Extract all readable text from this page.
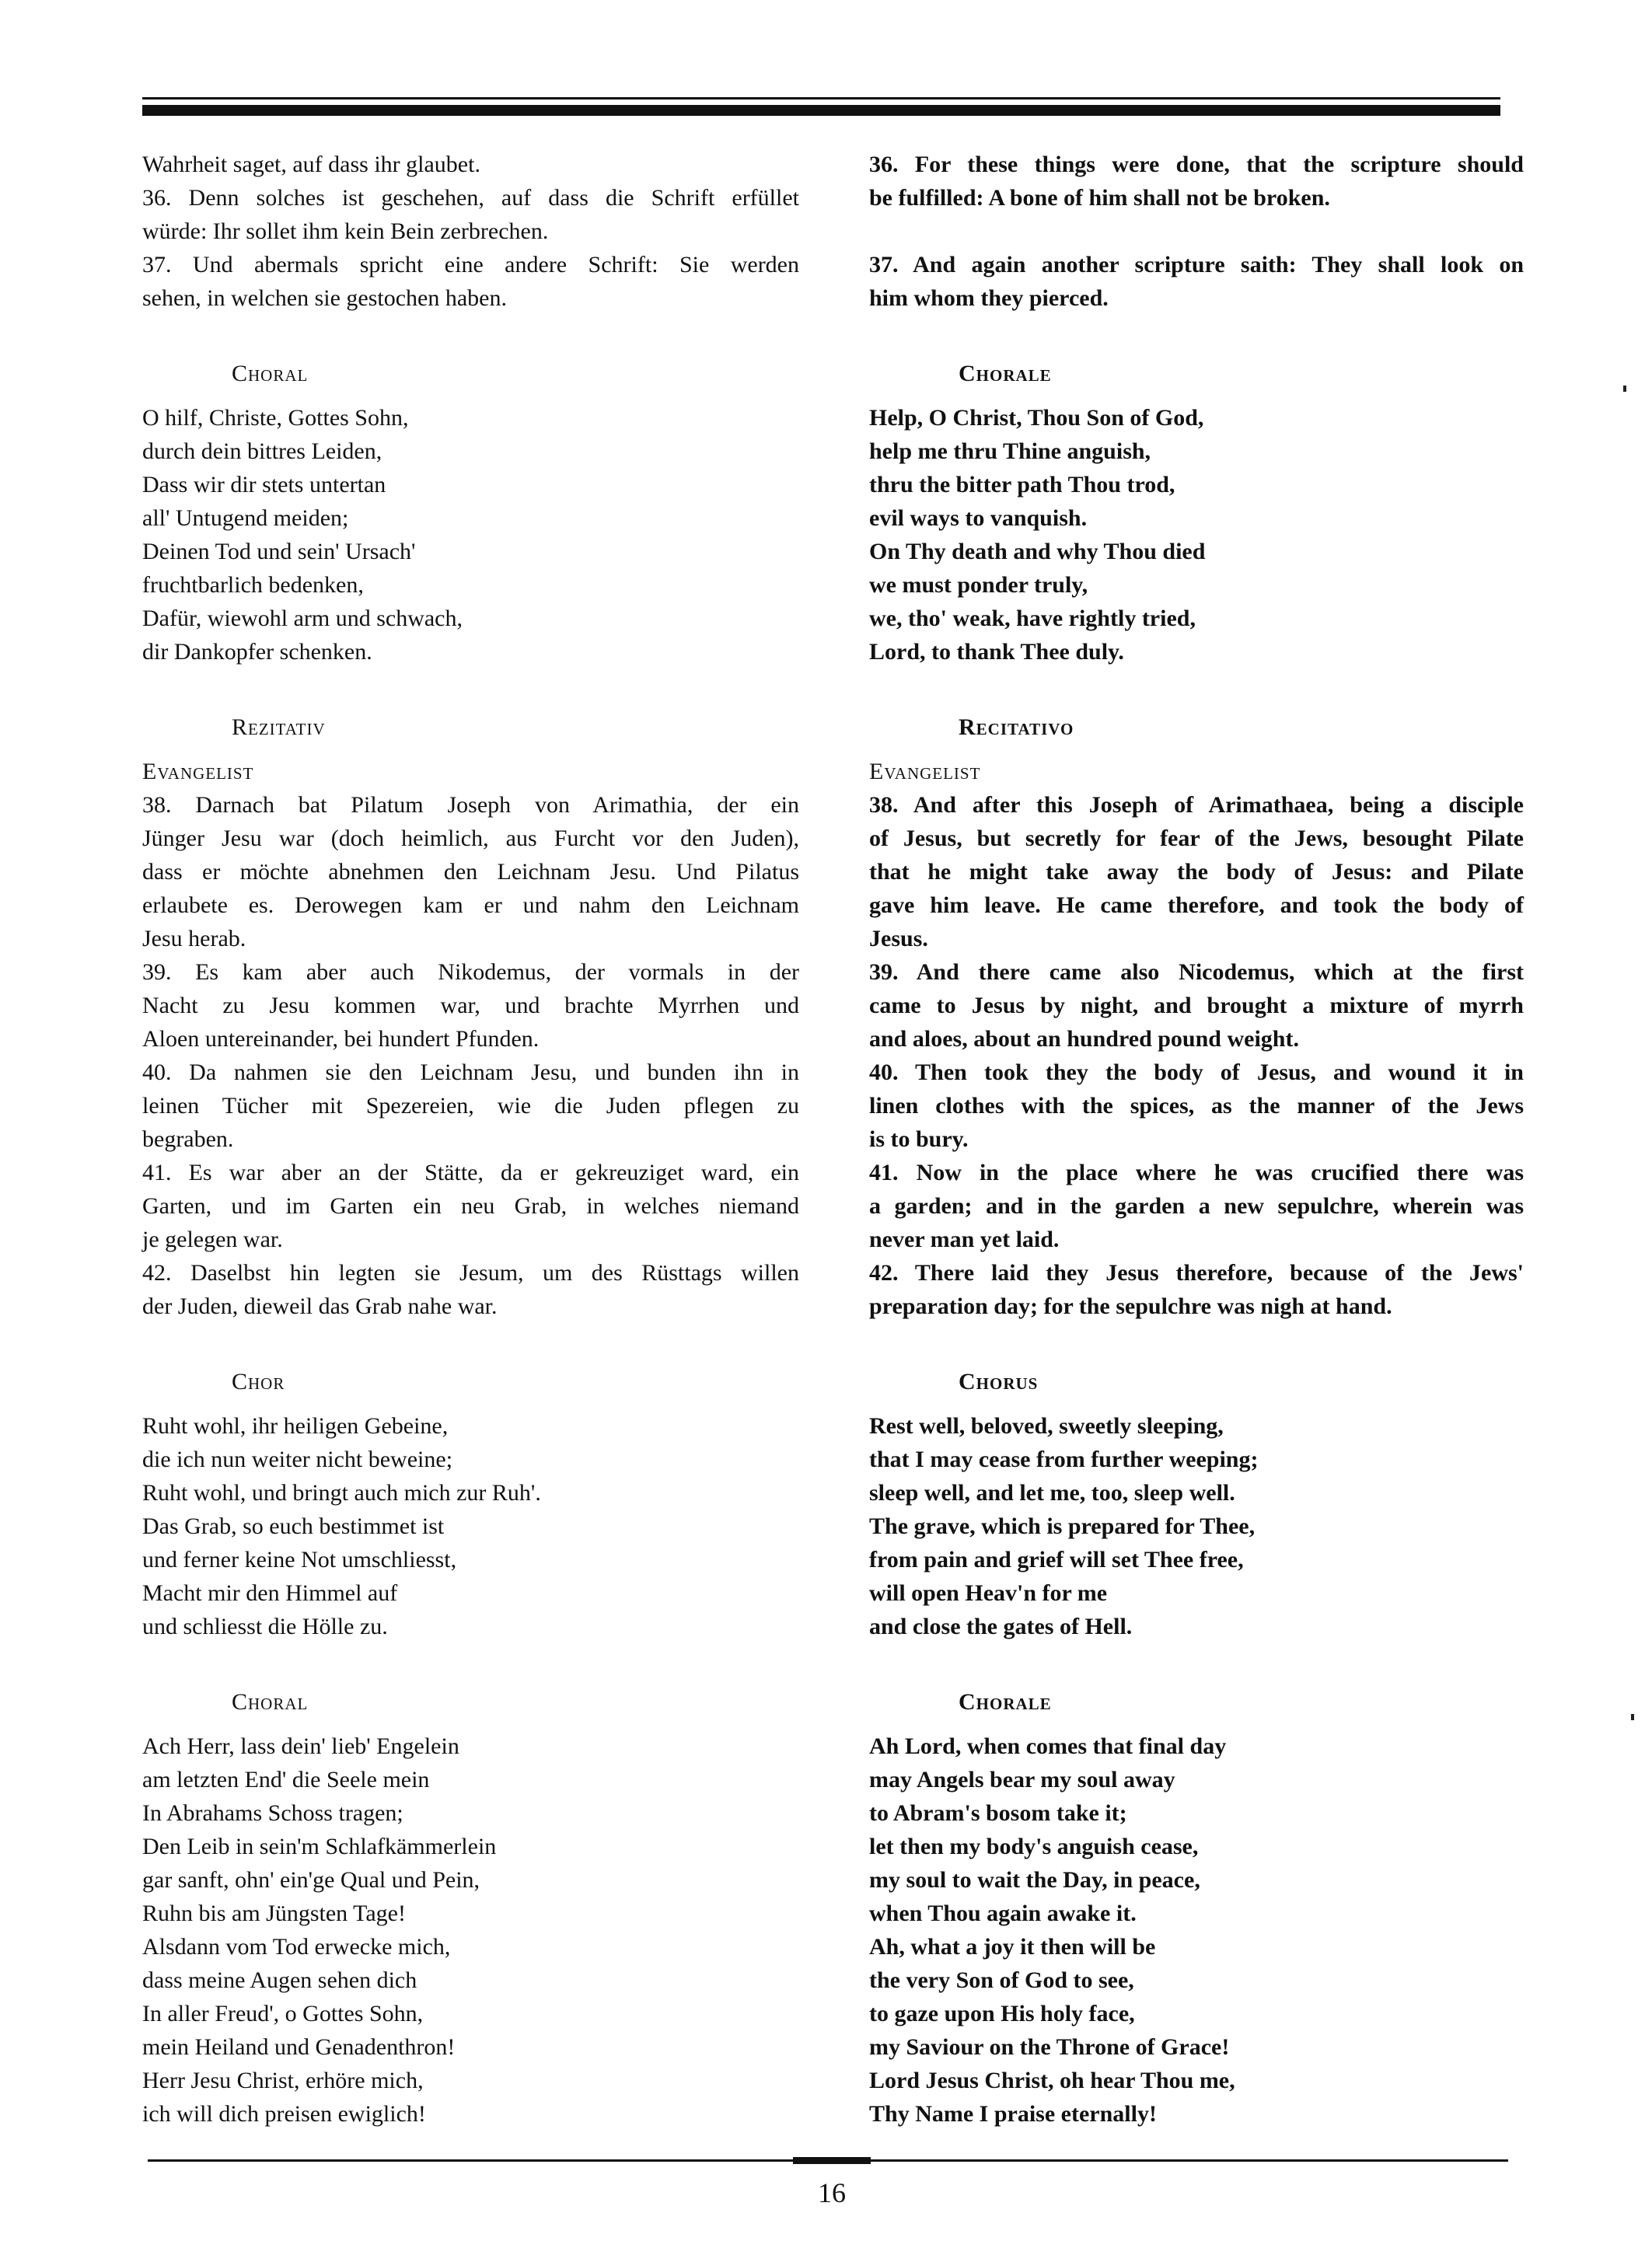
Wahrheit saget, auf dass ihr glaubet.
36. Denn solches ist geschehen, auf dass die Schrift erfüllet
würde: Ihr sollet ihm kein Bein zerbrechen.
37. Und abermals spricht eine andere Schrift: Sie werden
sehen, in welchen sie gestochen haben.
Choral
O hilf, Christe, Gottes Sohn,
durch dein bittres Leiden,
Dass wir dir stets untertan
all' Untugend meiden;
Deinen Tod und sein' Ursach'
fruchtbarlich bedenken,
Dafür, wiewohl arm und schwach,
dir Dankopfer schenken.
Rezitativ
Evangelist
38. Darnach bat Pilatum Joseph von Arimathia, der ein
Jünger Jesu war (doch heimlich, aus Furcht vor den Juden),
dass er möchte abnehmen den Leichnam Jesu. Und Pilatus
erlaubete es. Derowegen kam er und nahm den Leichnam
Jesu herab.
39. Es kam aber auch Nikodemus, der vormals in der
Nacht zu Jesu kommen war, und brachte Myrrhen und
Aloen untereinander, bei hundert Pfunden.
40. Da nahmen sie den Leichnam Jesu, und bunden ihn in
leinen Tücher mit Spezereien, wie die Juden pflegen zu
begraben.
41. Es war aber an der Stätte, da er gekreuziget ward, ein
Garten, und im Garten ein neu Grab, in welches niemand
je gelegen war.
42. Daselbst hin legten sie Jesum, um des Rüsttags willen
der Juden, dieweil das Grab nahe war.
Chor
Ruht wohl, ihr heiligen Gebeine,
die ich nun weiter nicht beweine;
Ruht wohl, und bringt auch mich zur Ruh'.
Das Grab, so euch bestimmet ist
und ferner keine Not umschliesst,
Macht mir den Himmel auf
und schliesst die Hölle zu.
Choral
Ach Herr, lass dein' lieb' Engelein
am letzten End' die Seele mein
In Abrahams Schoss tragen;
Den Leib in sein'm Schlafkämmerlein
gar sanft, ohn' ein'ge Qual und Pein,
Ruhn bis am Jüngsten Tage!
Alsdann vom Tod erwecke mich,
dass meine Augen sehen dich
In aller Freud', o Gottes Sohn,
mein Heiland und Genadenthron!
Herr Jesu Christ, erhöre mich,
ich will dich preisen ewiglich!
36. For these things were done, that the scripture should
be fulfilled: A bone of him shall not be broken.
37. And again another scripture saith: They shall look on
him whom they pierced.
Chorale
Help, O Christ, Thou Son of God,
help me thru Thine anguish,
thru the bitter path Thou trod,
evil ways to vanquish.
On Thy death and why Thou died
we must ponder truly,
we, tho' weak, have rightly tried,
Lord, to thank Thee duly.
Recitativo
Evangelist
38. And after this Joseph of Arimathaea, being a disciple
of Jesus, but secretly for fear of the Jews, besought Pilate
that he might take away the body of Jesus: and Pilate
gave him leave. He came therefore, and took the body of
Jesus.
39. And there came also Nicodemus, which at the first
came to Jesus by night, and brought a mixture of myrrh
and aloes, about an hundred pound weight.
40. Then took they the body of Jesus, and wound it in
linen clothes with the spices, as the manner of the Jews
is to bury.
41. Now in the place where he was crucified there was
a garden; and in the garden a new sepulchre, wherein was
never man yet laid.
42. There laid they Jesus therefore, because of the Jews'
preparation day; for the sepulchre was nigh at hand.
Chorus
Rest well, beloved, sweetly sleeping,
that I may cease from further weeping;
sleep well, and let me, too, sleep well.
The grave, which is prepared for Thee,
from pain and grief will set Thee free,
will open Heav'n for me
and close the gates of Hell.
Chorale
Ah Lord, when comes that final day
may Angels bear my soul away
to Abram's bosom take it;
let then my body's anguish cease,
my soul to wait the Day, in peace,
when Thou again awake it.
Ah, what a joy it then will be
the very Son of God to see,
to gaze upon His holy face,
my Saviour on the Throne of Grace!
Lord Jesus Christ, oh hear Thou me,
Thy Name I praise eternally!
16
